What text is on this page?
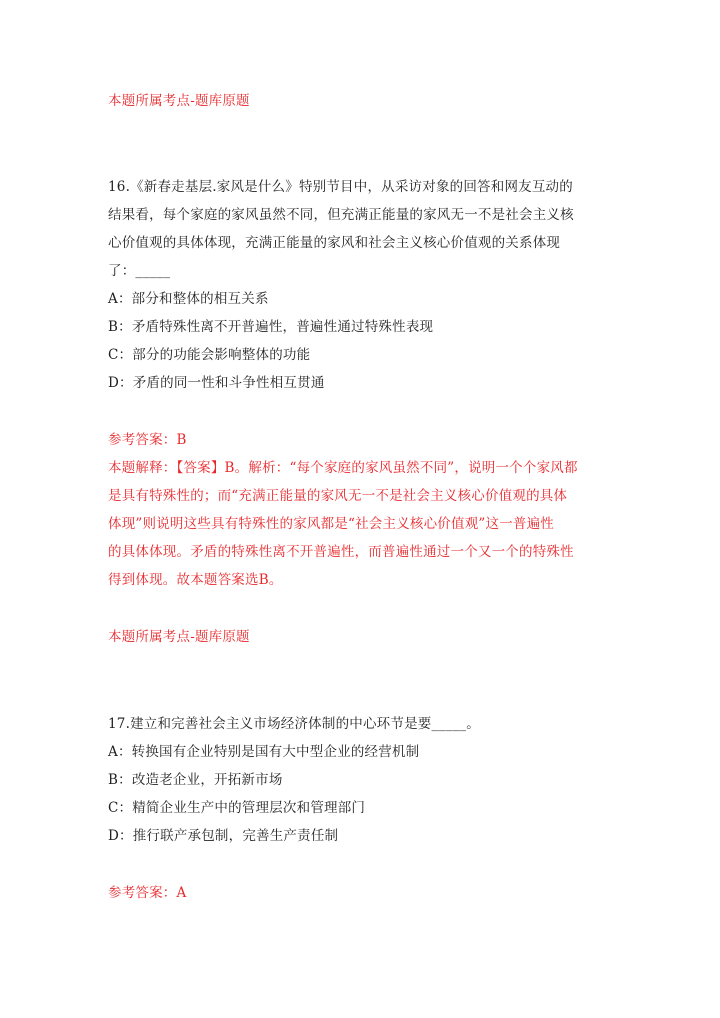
本题所属考点-题库原题
16.《新春走基层.家风是什么》特别节目中，从采访对象的回答和网友互动的
结果看，每个家庭的家风虽然不同，但充满正能量的家风无一不是社会主义核
心价值观的具体体现，充满正能量的家风和社会主义核心价值观的关系体现
了：_____
A：部分和整体的相互关系
B：矛盾特殊性离不开普遍性，普遍性通过特殊性表现
C：部分的功能会影响整体的功能
D：矛盾的同一性和斗争性相互贯通
参考答案：B
本题解释：【答案】B。解析：“每个家庭的家风虽然不同”，说明一个个家风都
是具有特殊性的；而“充满正能量的家风无一不是社会主义核心价值观的具体
体现”则说明这些具有特殊性的家风都是“社会主义核心价值观”这一普遍性
的具体体现。矛盾的特殊性离不开普遍性，而普遍性通过一个又一个的特殊性
得到体现。故本题答案选B。
本题所属考点-题库原题
17.建立和完善社会主义市场经济体制的中心环节是要_____。
A：转换国有企业特别是国有大中型企业的经营机制
B：改造老企业，开拓新市场
C：精简企业生产中的管理层次和管理部门
D：推行联产承包制，完善生产责任制
参考答案：A
